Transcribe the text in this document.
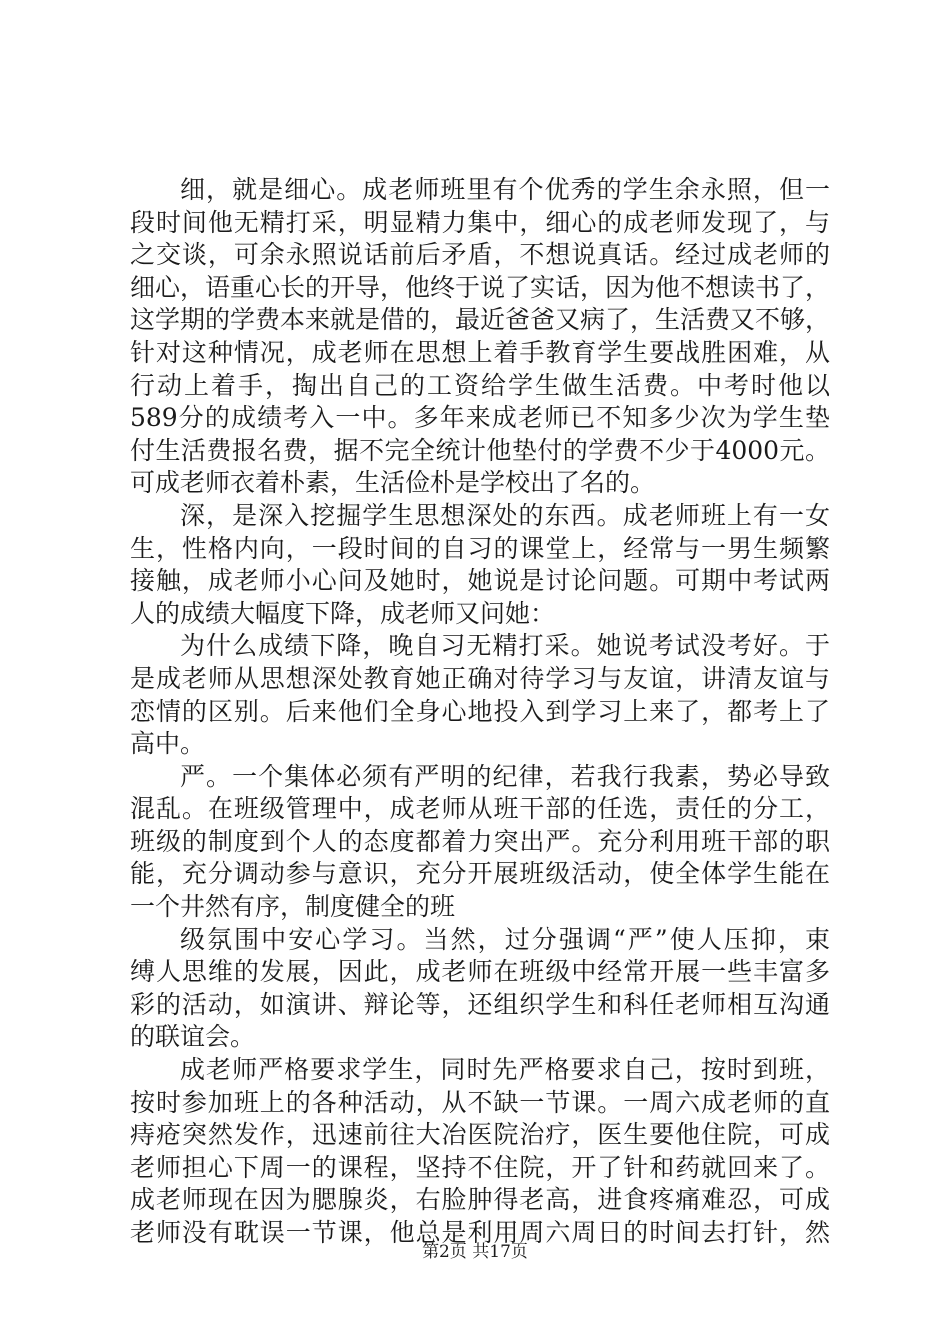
细，就是细心。成老师班里有个优秀的学生余永照，但一
段时间他无精打采，明显精力集中，细心的成老师发现了，与
之交谈，可余永照说话前后矛盾，不想说真话。经过成老师的
细心，语重心长的开导，他终于说了实话，因为他不想读书了，
这学期的学费本来就是借的，最近爸爸又病了，生活费又不够，
针对这种情况，成老师在思想上着手教育学生要战胜困难，从
行动上着手，掏出自己的工资给学生做生活费。中考时他以
589分的成绩考入一中。多年来成老师已不知多少次为学生垫
付生活费报名费，据不完全统计他垫付的学费不少于4000元。
可成老师衣着朴素，生活俭朴是学校出了名的。
深，是深入挖掘学生思想深处的东西。成老师班上有一女
生，性格内向，一段时间的自习的课堂上，经常与一男生频繁
接触，成老师小心问及她时，她说是讨论问题。可期中考试两
人的成绩大幅度下降，成老师又问她：
为什么成绩下降，晚自习无精打采。她说考试没考好。于
是成老师从思想深处教育她正确对待学习与友谊，讲清友谊与
恋情的区别。后来他们全身心地投入到学习上来了，都考上了
高中。
严。一个集体必须有严明的纪律，若我行我素，势必导致
混乱。在班级管理中，成老师从班干部的任选，责任的分工，
班级的制度到个人的态度都着力突出严。充分利用班干部的职
能，充分调动参与意识，充分开展班级活动，使全体学生能在
一个井然有序，制度健全的班
级氛围中安心学习。当然，过分强调“严”使人压抑，束
缚人思维的发展，因此，成老师在班级中经常开展一些丰富多
彩的活动，如演讲、辩论等，还组织学生和科任老师相互沟通
的联谊会。
成老师严格要求学生，同时先严格要求自己，按时到班，
按时参加班上的各种活动，从不缺一节课。一周六成老师的直
痔疮突然发作，迅速前往大冶医院治疗，医生要他住院，可成
老师担心下周一的课程，坚持不住院，开了针和药就回来了。
成老师现在因为腮腺炎，右脸肿得老高，进食疼痛难忍，可成
老师没有耽误一节课，他总是利用周六周日的时间去打针，然
第2页 共17页
